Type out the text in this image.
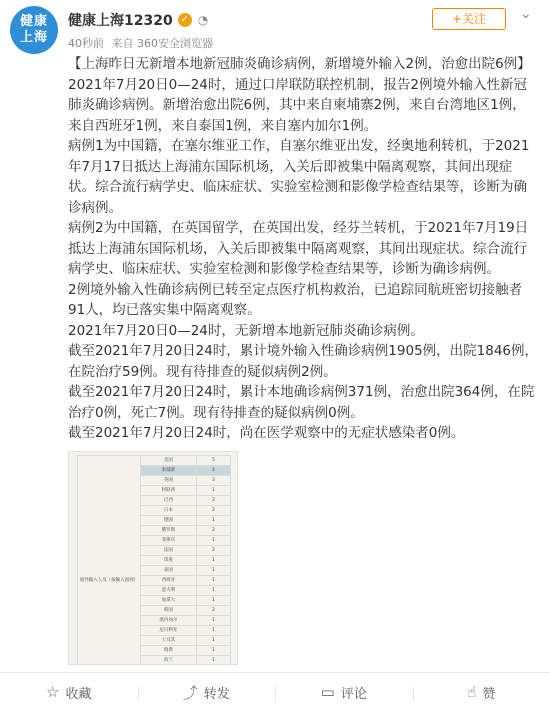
健康上海
健康上海12320 ✓ ◔
40秒前 来自 360安全浏览器
+关注	⌄

【上海昨日无新增本地新冠肺炎确诊病例，新增境外输入2例，治愈出院6例】

2021年7月20日0—24时，通过口岸联防联控机制，报告2例境外输入性新冠肺炎确诊病例。新增治愈出院6例，其中来自柬埔寨2例，来自台湾地区1例，来自西班牙1例，来自泰国1例，来自塞内加尔1例。

病例1为中国籍，在塞尔维亚工作，自塞尔维亚出发，经奥地利转机，于2021年7月17日抵达上海浦东国际机场，入关后即被集中隔离观察，其间出现症状。综合流行病学史、临床症状、实验室检测和影像学检查结果等，诊断为确诊病例。

病例2为中国籍，在英国留学，在英国出发，经芬兰转机，于2021年7月19日抵达上海浦东国际机场，入关后即被集中隔离观察，其间出现症状。综合流行病学史、临床症状、实验室检测和影像学检查结果等，诊断为确诊病例。

2例境外输入性确诊病例已转至定点医疗机构救治，已追踪同航班密切接触者91人，均已落实集中隔离观察。

2021年7月20日0—24时，无新增本地新冠肺炎确诊病例。

截至2021年7月20日24时，累计境外输入性确诊病例1905例，出院1846例，在院治疗59例。现有待排查的疑似病例2例。

截至2021年7月20日24时，累计本地确诊病例371例，治愈出院364例，在院治疗0例，死亡7例。现有待排查的疑似病例0例。

截至2021年7月20日24时，尚在医学观察中的无症状感染者0例。

境外输入人员（按输入国别）	美国	5
	柬埔寨	4
	英国	3
	阿联酋	1
	巴西	2
	日本	2
	德国	1
	俄罗斯	2
	菲律宾	1
	法国	2
	印度	1
	泰国	1
	西班牙	1
	意大利	1
	加拿大	1
	韩国	2
	塞内加尔	1
	尼日利亚	1
	土耳其	1
	瑞典	1
	荷兰	1

☆ 收藏	⤴ 转发	▭ 评论	☝ 赞
